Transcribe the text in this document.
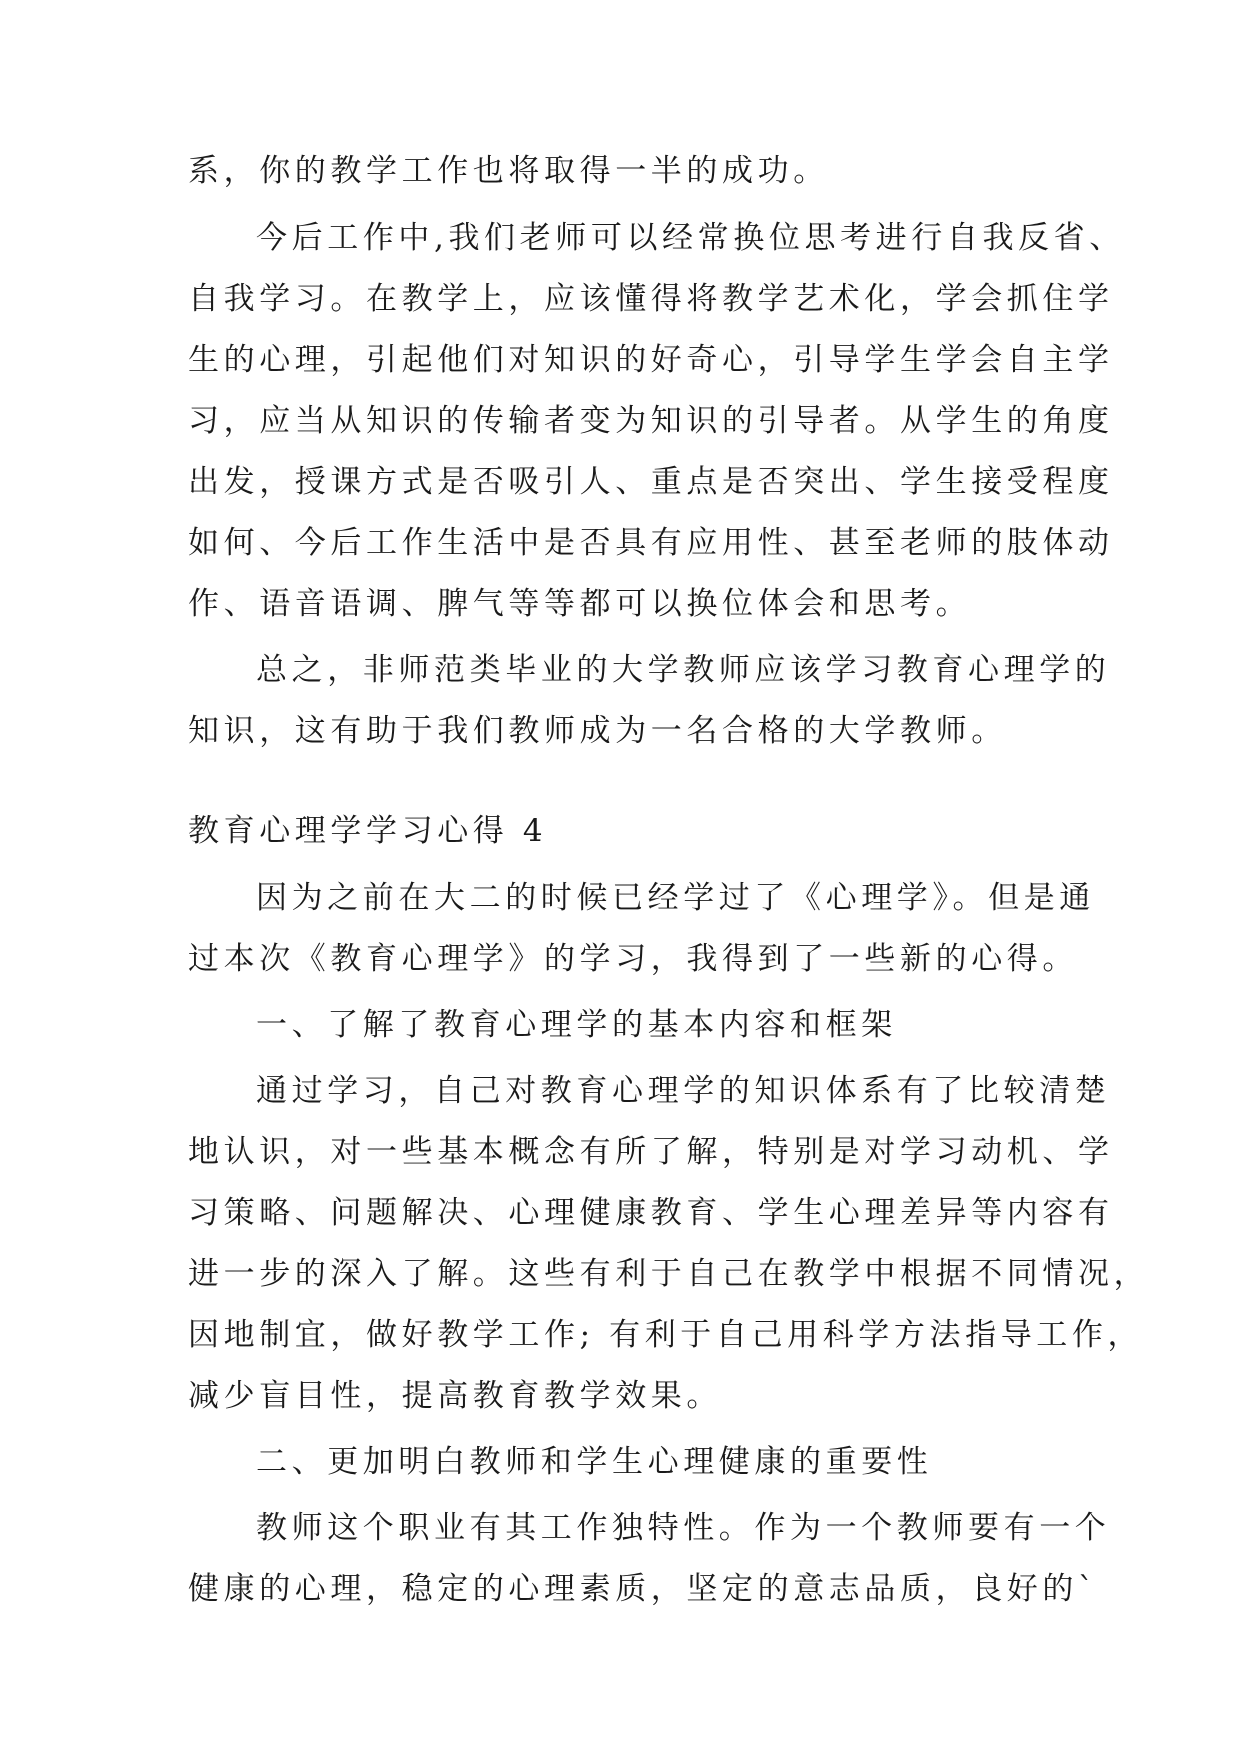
系，你的教学工作也将取得一半的成功。
今后工作中,我们老师可以经常换位思考进行自我反省、
自我学习。在教学上，应该懂得将教学艺术化，学会抓住学
生的心理，引起他们对知识的好奇心，引导学生学会自主学
习，应当从知识的传输者变为知识的引导者。从学生的角度
出发，授课方式是否吸引人、重点是否突出、学生接受程度
如何、今后工作生活中是否具有应用性、甚至老师的肢体动
作、语音语调、脾气等等都可以换位体会和思考。
总之，非师范类毕业的大学教师应该学习教育心理学的
知识，这有助于我们教师成为一名合格的大学教师。
教育心理学学习心得 4
因为之前在大二的时候已经学过了《心理学》。但是通
过本次《教育心理学》的学习，我得到了一些新的心得。
一、了解了教育心理学的基本内容和框架
通过学习，自己对教育心理学的知识体系有了比较清楚
地认识，对一些基本概念有所了解，特别是对学习动机、学
习策略、问题解决、心理健康教育、学生心理差异等内容有
进一步的深入了解。这些有利于自己在教学中根据不同情况，
因地制宜，做好教学工作; 有利于自己用科学方法指导工作，
减少盲目性，提高教育教学效果。
二、更加明白教师和学生心理健康的重要性
教师这个职业有其工作独特性。作为一个教师要有一个
健康的心理，稳定的心理素质，坚定的意志品质，良好的`
